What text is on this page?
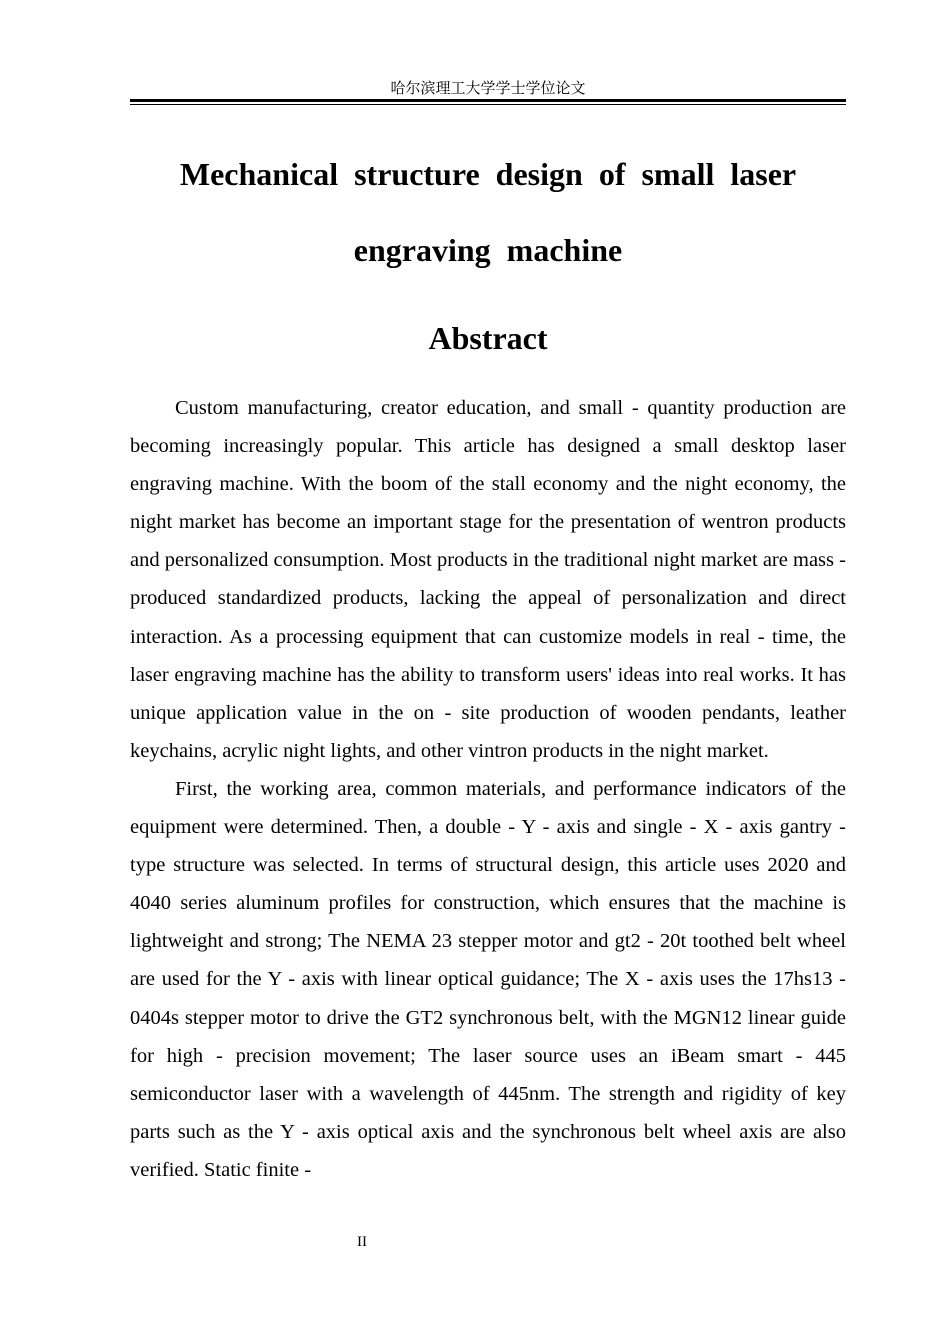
哈尔滨理工大学学士学位论文
Mechanical structure design of small laser engraving machine
Abstract

Custom manufacturing, creator education, and small - quantity production are becoming increasingly popular. This article has designed a small desktop laser engraving machine. With the boom of the stall economy and the night economy, the night market has become an important stage for the presentation of wentron products and personalized consumption. Most products in the traditional night market are mass - produced standardized products, lacking the appeal of personalization and direct interaction. As a processing equipment that can customize models in real - time, the laser engraving machine has the ability to transform users' ideas into real works. It has unique application value in the on - site production of wooden pendants, leather keychains, acrylic night lights, and other vintron products in the night market.

First, the working area, common materials, and performance indicators of the equipment were determined. Then, a double - Y - axis and single - X - axis gantry - type structure was selected. In terms of structural design, this article uses 2020 and 4040 series aluminum profiles for construction, which ensures that the machine is lightweight and strong; The NEMA 23 stepper motor and gt2 - 20t toothed belt wheel are used for the Y - axis with linear optical guidance; The X - axis uses the 17hs13 - 0404s stepper motor to drive the GT2 synchronous belt, with the MGN12 linear guide for high - precision movement; The laser source uses an iBeam smart - 445 semiconductor laser with a wavelength of 445nm. The strength and rigidity of key parts such as the Y - axis optical axis and the synchronous belt wheel axis are also verified. Static finite -

II
